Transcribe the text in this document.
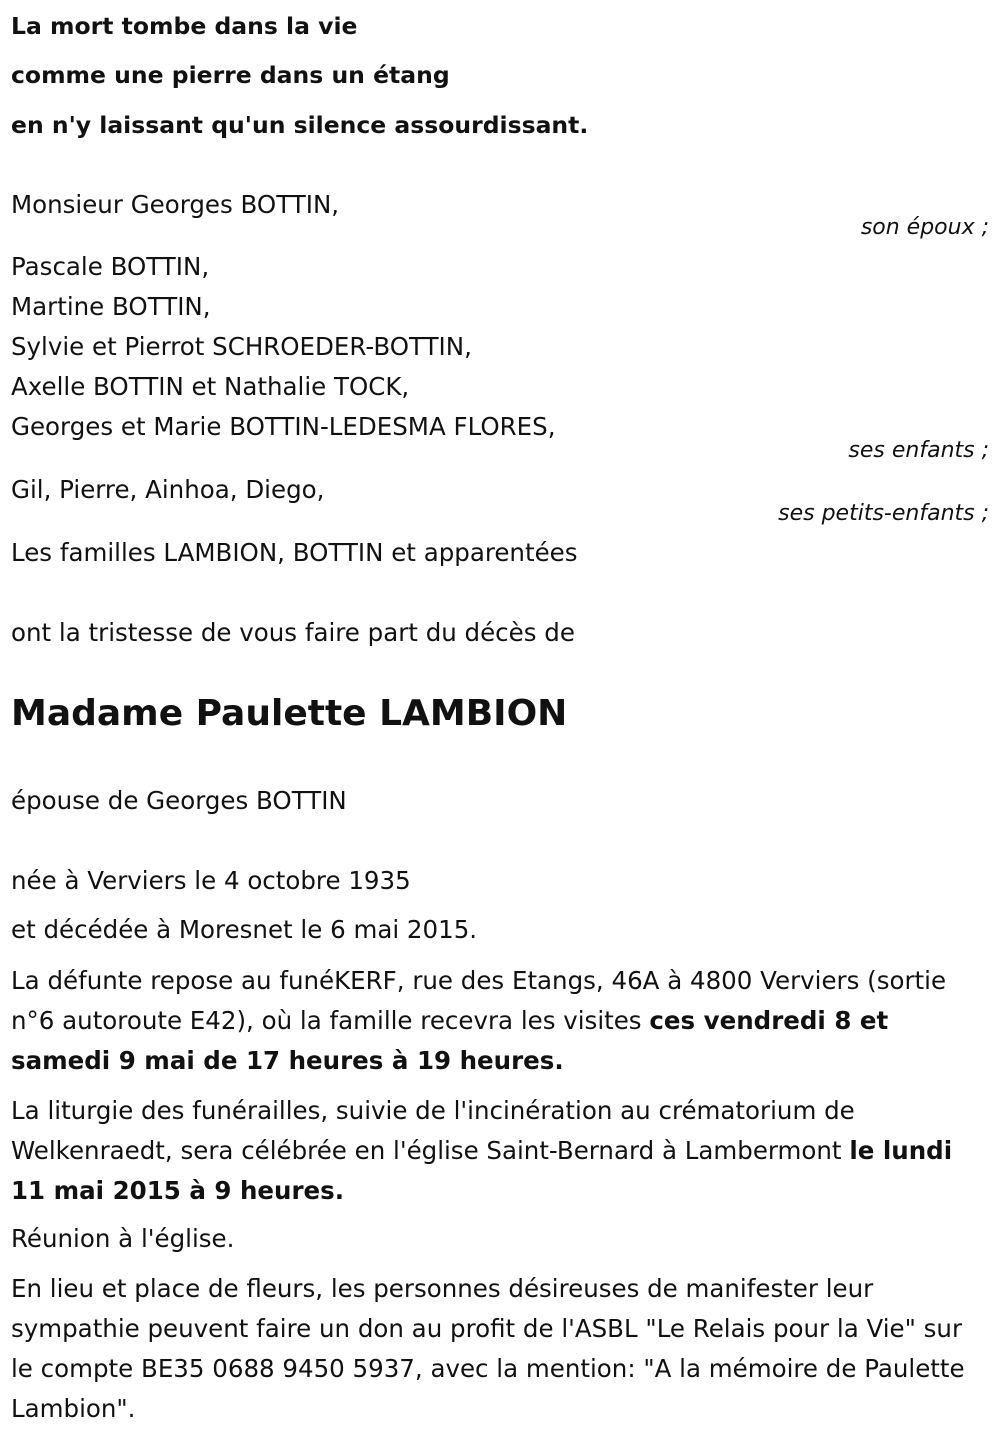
La mort tombe dans la vie
comme une pierre dans un étang
en n'y laissant qu'un silence assourdissant.
Monsieur Georges BOTTIN,
son époux ;
Pascale BOTTIN,
Martine BOTTIN,
Sylvie et Pierrot SCHROEDER-BOTTIN,
Axelle BOTTIN et Nathalie TOCK,
Georges et Marie BOTTIN-LEDESMA FLORES,
ses enfants ;
Gil, Pierre, Ainhoa, Diego,
ses petits-enfants ;
Les familles LAMBION, BOTTIN et apparentées
ont la tristesse de vous faire part du décès de
Madame Paulette LAMBION
épouse de Georges BOTTIN
née à Verviers le 4 octobre 1935
et décédée à Moresnet le 6 mai 2015.
La défunte repose au funéKERF, rue des Etangs, 46A à 4800 Verviers (sortie n°6 autoroute E42), où la famille recevra les visites ces vendredi 8 et samedi 9 mai de 17 heures à 19 heures.
La liturgie des funérailles, suivie de l'incinération au crématorium de Welkenraedt, sera célébrée en l'église Saint-Bernard à Lambermont le lundi 11 mai 2015 à 9 heures.
Réunion à l'église.
En lieu et place de fleurs, les personnes désireuses de manifester leur sympathie peuvent faire un don au profit de l'ASBL "Le Relais pour la Vie" sur le compte BE35 0688 9450 5937, avec la mention: "A la mémoire de Paulette Lambion".
